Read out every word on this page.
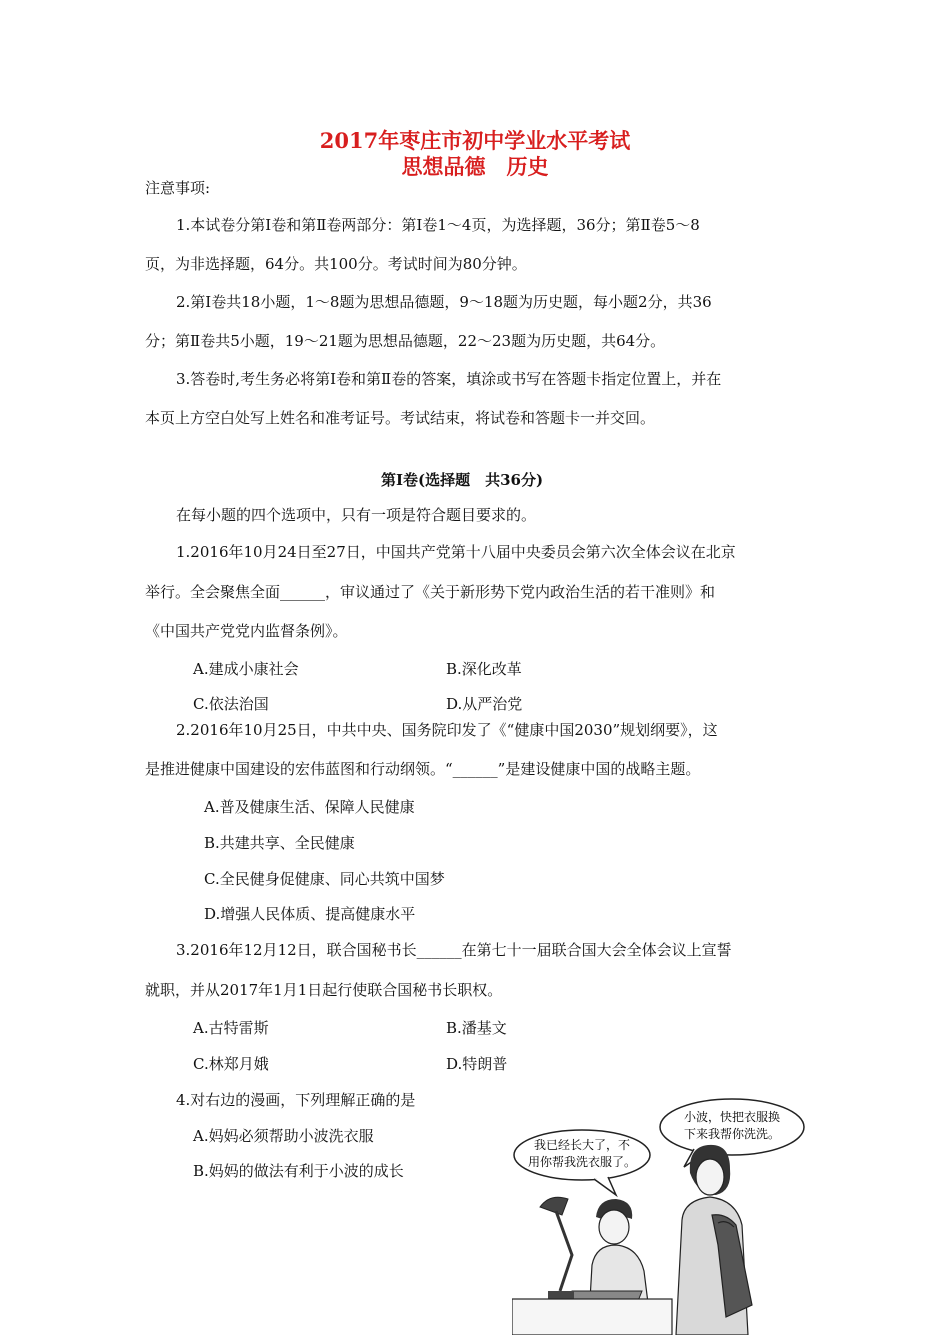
2017年枣庄市初中学业水平考试
思想品德　历史
注意事项:
1.本试卷分第Ⅰ卷和第Ⅱ卷两部分：第Ⅰ卷1～4页，为选择题，36分；第Ⅱ卷5～8
页，为非选择题，64分。共100分。考试时间为80分钟。
2.第Ⅰ卷共18小题，1～8题为思想品德题，9～18题为历史题，每小题2分，共36
分；第Ⅱ卷共5小题，19～21题为思想品德题，22～23题为历史题，共64分。
3.答卷时,考生务必将第Ⅰ卷和第Ⅱ卷的答案，填涂或书写在答题卡指定位置上，并在
本页上方空白处写上姓名和准考证号。考试结束，将试卷和答题卡一并交回。
第Ⅰ卷(选择题　共36分)
在每小题的四个选项中，只有一项是符合题目要求的。
1.2016年10月24日至27日，中国共产党第十八届中央委员会第六次全体会议在北京
举行。全会聚焦全面______，审议通过了《关于新形势下党内政治生活的若干准则》和
《中国共产党党内监督条例》。
A.建成小康社会	B.深化改革
C.依法治国	D.从严治党
2.2016年10月25日，中共中央、国务院印发了《“健康中国2030”规划纲要》，这
是推进健康中国建设的宏伟蓝图和行动纲领。“______”是建设健康中国的战略主题。
A.普及健康生活、保障人民健康
B.共建共享、全民健康
C.全民健身促健康、同心共筑中国梦
D.增强人民体质、提高健康水平
3.2016年12月12日，联合国秘书长______在第七十一届联合国大会全体会议上宣誓
就职，并从2017年1月1日起行使联合国秘书长职权。
A.古特雷斯	B.潘基文
C.林郑月娥	D.特朗普
4.对右边的漫画，下列理解正确的是
A.妈妈必须帮助小波洗衣服
B.妈妈的做法有利于小波的成长
小波，快把衣服换
下来我帮你洗洗。
我已经长大了，不
用你帮我洗衣服了。
